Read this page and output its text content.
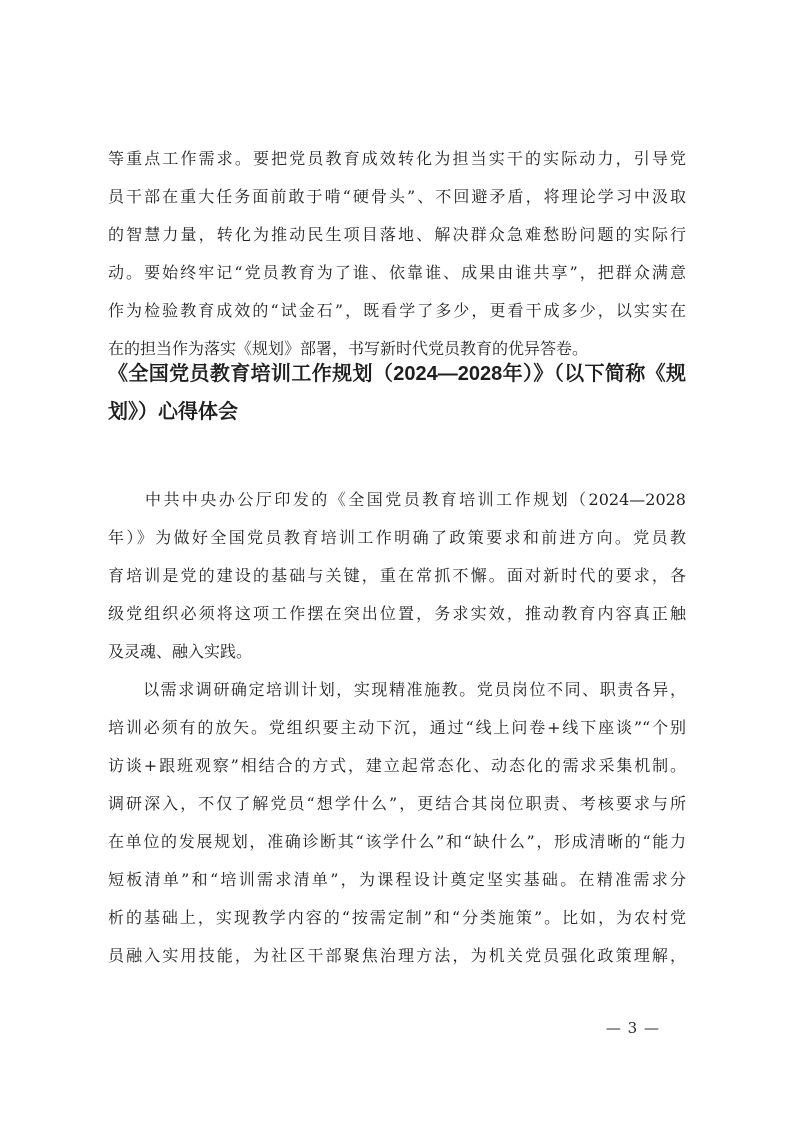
等重点工作需求。要把党员教育成效转化为担当实干的实际动力，引导党
员干部在重大任务面前敢于啃“硬骨头”、不回避矛盾，将理论学习中汲取
的智慧力量，转化为推动民生项目落地、解决群众急难愁盼问题的实际行
动。要始终牢记“党员教育为了谁、依靠谁、成果由谁共享”，把群众满意
作为检验教育成效的“试金石”，既看学了多少，更看干成多少，以实实在
在的担当作为落实《规划》部署，书写新时代党员教育的优异答卷。
《全国党员教育培训工作规划（2024—2028年）》（以下简称《规
划》）心得体会
　　中共中央办公厅印发的《全国党员教育培训工作规划（2024—2028
年）》为做好全国党员教育培训工作明确了政策要求和前进方向。党员教
育培训是党的建设的基础与关键，重在常抓不懈。面对新时代的要求，各
级党组织必须将这项工作摆在突出位置，务求实效，推动教育内容真正触
及灵魂、融入实践。
　　以需求调研确定培训计划，实现精准施教。党员岗位不同、职责各异，
培训必须有的放矢。党组织要主动下沉，通过“线上问卷+线下座谈”“个别
访谈+跟班观察”相结合的方式，建立起常态化、动态化的需求采集机制。
调研深入，不仅了解党员“想学什么”，更结合其岗位职责、考核要求与所
在单位的发展规划，准确诊断其“该学什么”和“缺什么”，形成清晰的“能力
短板清单”和“培训需求清单”，为课程设计奠定坚实基础。在精准需求分
析的基础上，实现教学内容的“按需定制”和“分类施策”。比如，为农村党
员融入实用技能，为社区干部聚焦治理方法，为机关党员强化政策理解，
— 3 —
